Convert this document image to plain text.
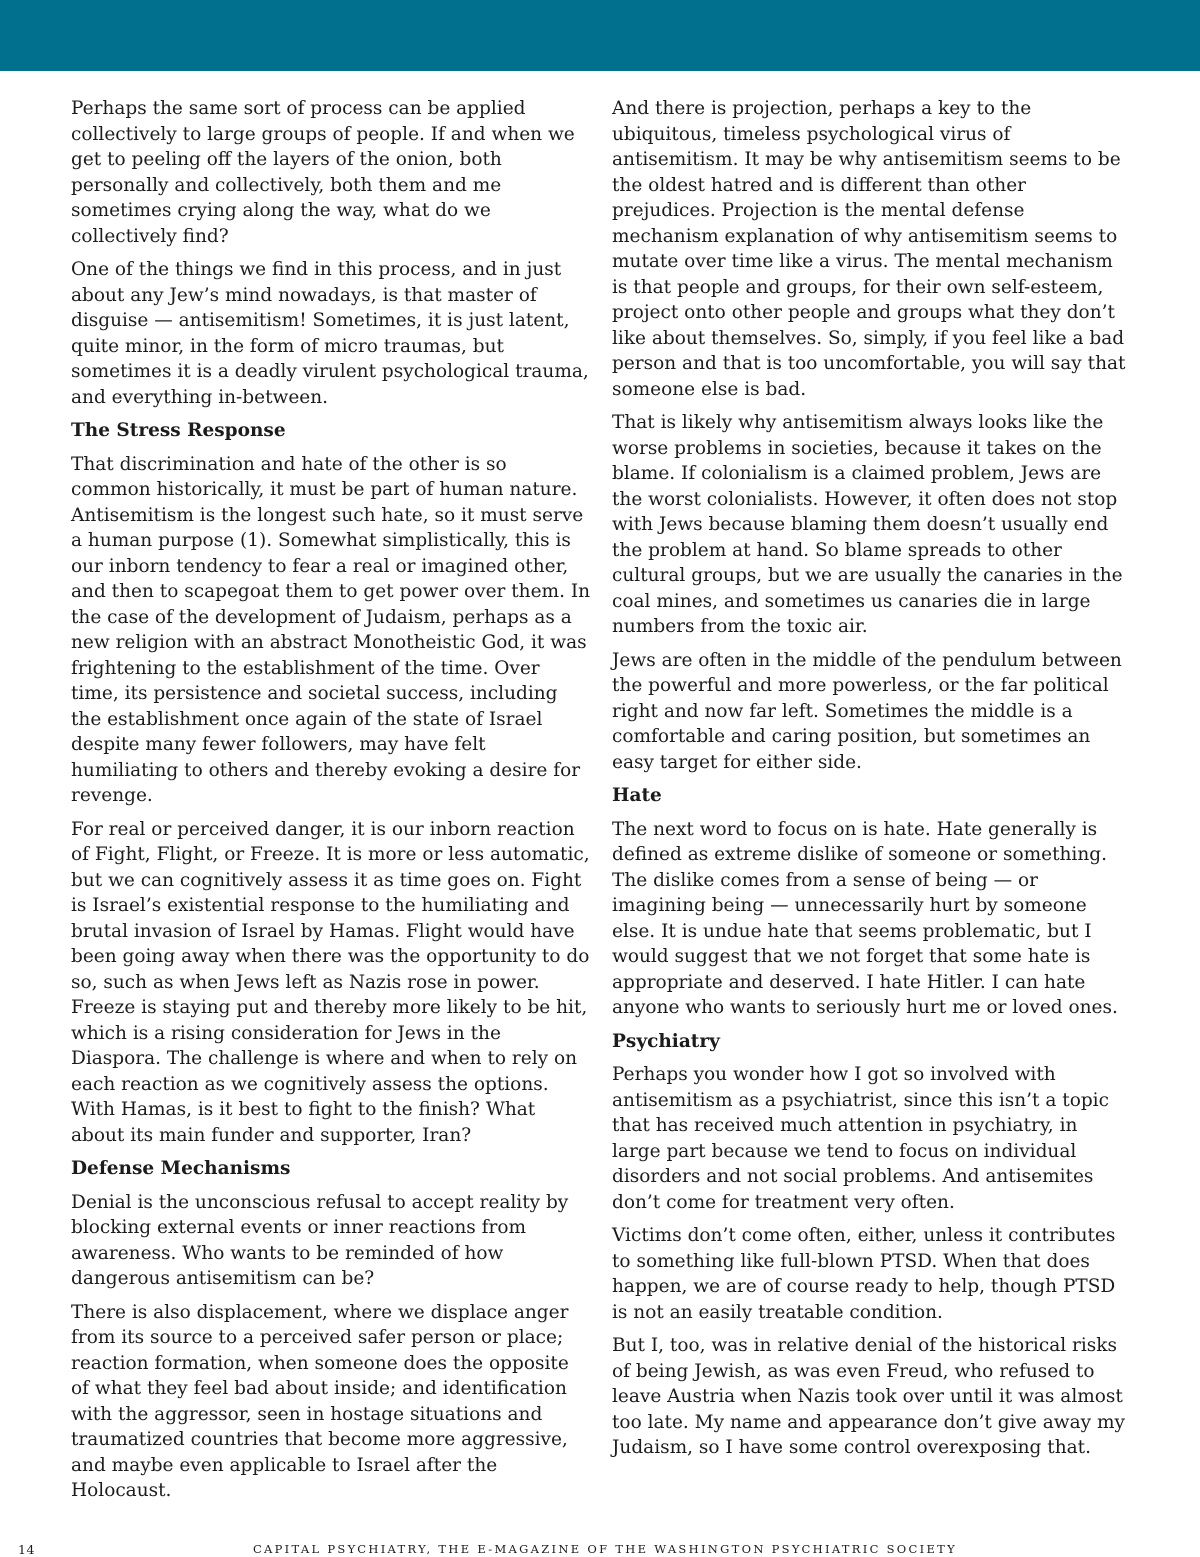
Perhaps the same sort of process can be applied collectively to large groups of people. If and when we get to peeling off the layers of the onion, both personally and collectively, both them and me sometimes crying along the way, what do we collectively find?

One of the things we find in this process, and in just about any Jew’s mind nowadays, is that master of disguise — antisemitism! Sometimes, it is just latent, quite minor, in the form of micro traumas, but sometimes it is a deadly virulent psychological trauma, and everything in-between.

The Stress Response

That discrimination and hate of the other is so common historically, it must be part of human nature. Antisemitism is the longest such hate, so it must serve a human purpose (1). Somewhat simplistically, this is our inborn tendency to fear a real or imagined other, and then to scapegoat them to get power over them. In the case of the development of Judaism, perhaps as a new religion with an abstract Monotheistic God, it was frightening to the establishment of the time. Over time, its persistence and societal success, including the establishment once again of the state of Israel despite many fewer followers, may have felt humiliating to others and thereby evoking a desire for revenge.

For real or perceived danger, it is our inborn reaction of Fight, Flight, or Freeze. It is more or less automatic, but we can cognitively assess it as time goes on. Fight is Israel’s existential response to the humiliating and brutal invasion of Israel by Hamas. Flight would have been going away when there was the opportunity to do so, such as when Jews left as Nazis rose in power. Freeze is staying put and thereby more likely to be hit, which is a rising consideration for Jews in the Diaspora. The challenge is where and when to rely on each reaction as we cognitively assess the options. With Hamas, is it best to fight to the finish? What about its main funder and supporter, Iran?

Defense Mechanisms

Denial is the unconscious refusal to accept reality by blocking external events or inner reactions from awareness. Who wants to be reminded of how dangerous antisemitism can be?

There is also displacement, where we displace anger from its source to a perceived safer person or place; reaction formation, when someone does the opposite of what they feel bad about inside; and identification with the aggressor, seen in hostage situations and traumatized countries that become more aggressive, and maybe even applicable to Israel after the Holocaust.

And there is projection, perhaps a key to the ubiquitous, timeless psychological virus of antisemitism. It may be why antisemitism seems to be the oldest hatred and is different than other prejudices. Projection is the mental defense mechanism explanation of why antisemitism seems to mutate over time like a virus. The mental mechanism is that people and groups, for their own self-esteem, project onto other people and groups what they don’t like about themselves. So, simply, if you feel like a bad person and that is too uncomfortable, you will say that someone else is bad.

That is likely why antisemitism always looks like the worse problems in societies, because it takes on the blame. If colonialism is a claimed problem, Jews are the worst colonialists. However, it often does not stop with Jews because blaming them doesn’t usually end the problem at hand. So blame spreads to other cultural groups, but we are usually the canaries in the coal mines, and sometimes us canaries die in large numbers from the toxic air.

Jews are often in the middle of the pendulum between the powerful and more powerless, or the far political right and now far left. Sometimes the middle is a comfortable and caring position, but sometimes an easy target for either side.

Hate

The next word to focus on is hate. Hate generally is defined as extreme dislike of someone or something. The dislike comes from a sense of being — or imagining being — unnecessarily hurt by someone else. It is undue hate that seems problematic, but I would suggest that we not forget that some hate is appropriate and deserved. I hate Hitler. I can hate anyone who wants to seriously hurt me or loved ones.

Psychiatry

Perhaps you wonder how I got so involved with antisemitism as a psychiatrist, since this isn’t a topic that has received much attention in psychiatry, in large part because we tend to focus on individual disorders and not social problems. And antisemites don’t come for treatment very often.

Victims don’t come often, either, unless it contributes to something like full-blown PTSD. When that does happen, we are of course ready to help, though PTSD is not an easily treatable condition.

But I, too, was in relative denial of the historical risks of being Jewish, as was even Freud, who refused to leave Austria when Nazis took over until it was almost too late. My name and appearance don’t give away my Judaism, so I have some control overexposing that.

14	CAPITAL PSYCHIATRY, THE E-MAGAZINE OF THE WASHINGTON PSYCHIATRIC SOCIETY
